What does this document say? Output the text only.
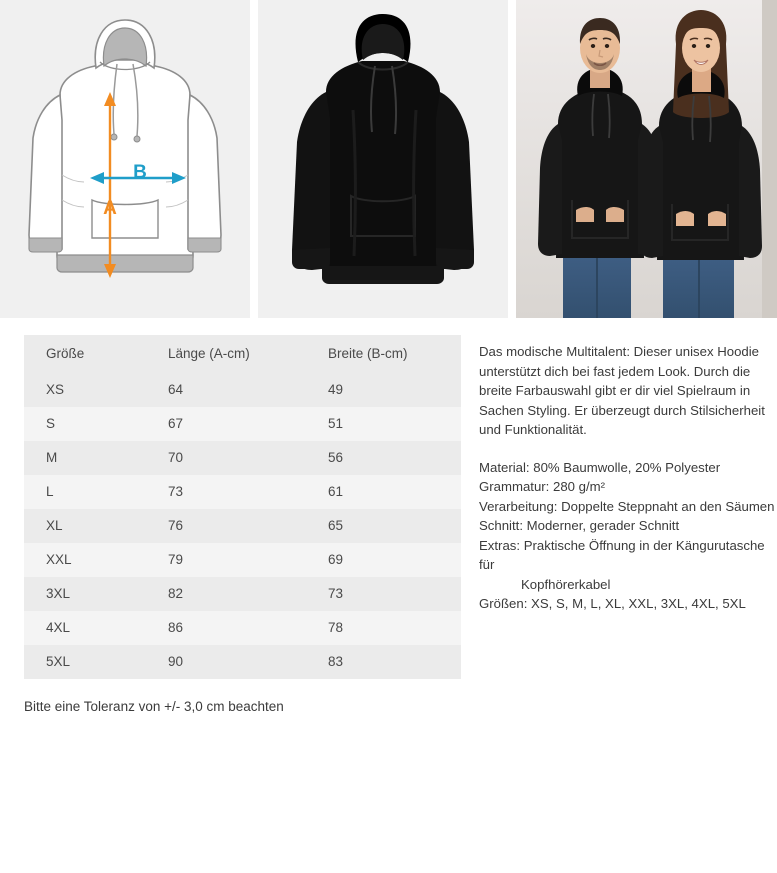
A
B
Größe	Länge (A-cm)	Breite (B-cm)
XS	64	49
S	67	51
M	70	56
L	73	61
XL	76	65
XXL	79	69
3XL	82	73
4XL	86	78
5XL	90	83

Das modische Multitalent: Dieser unisex Hoodie unterstützt dich bei fast jedem Look. Durch die breite Farbauswahl gibt er dir viel Spielraum in Sachen Styling. Er überzeugt durch Stilsicherheit und Funktionalität.

Material: 80% Baumwolle, 20% Polyester

Grammatur: 280 g/m²

Verarbeitung: Doppelte Steppnaht an den Säumen

Schnitt: Moderner, gerader Schnitt

Extras: Praktische Öffnung in der Kängurutasche für

Kopfhörerkabel

Größen: XS, S, M, L, XL, XXL, 3XL, 4XL, 5XL

Bitte eine Toleranz von +/- 3,0 cm beachten
